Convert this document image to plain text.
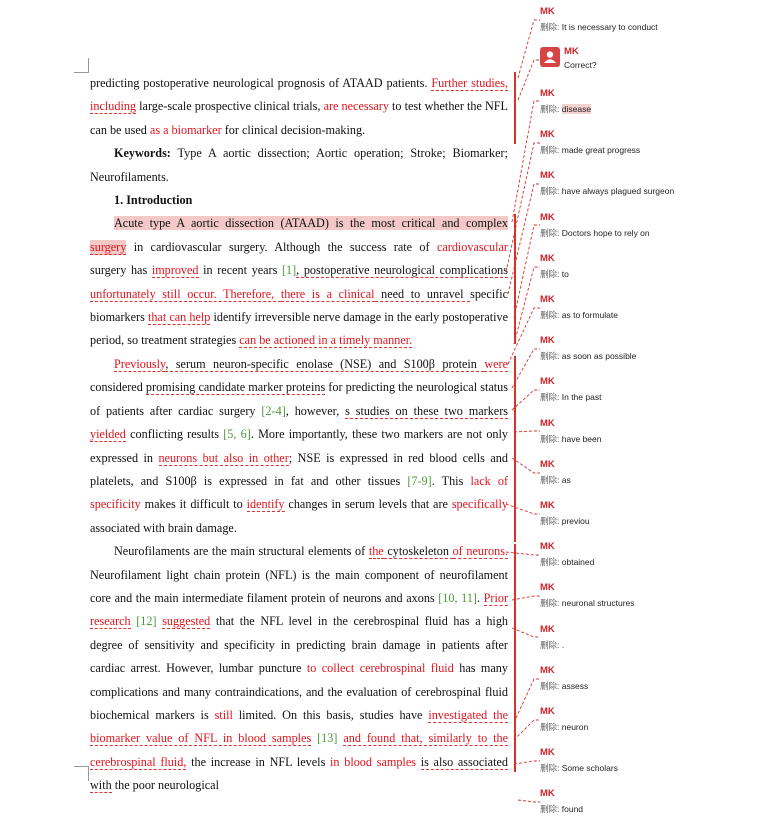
predicting postoperative neurological prognosis of ATAAD patients. Further studies, including large-scale prospective clinical trials, are necessary to test whether the NFL can be used as a biomarker for clinical decision-making.

Keywords: Type A aortic dissection; Aortic operation; Stroke; Biomarker; Neurofilaments.

1. Introduction

Acute type A aortic dissection (ATAAD) is the most critical and complex surgery in cardiovascular surgery. Although the success rate of cardiovascular surgery has improved in recent years [1], postoperative neurological complications unfortunately still occur. Therefore, there is a clinical need to unravel specific biomarkers that can help identify irreversible nerve damage in the early postoperative period, so treatment strategies can be actioned in a timely manner.

Previously, serum neuron-specific enolase (NSE) and S100β protein were considered promising candidate marker proteins for predicting the neurological status of patients after cardiac surgery [2-4], however, s studies on these two markers yielded conflicting results [5, 6]. More importantly, these two markers are not only expressed in neurons but also in other; NSE is expressed in red blood cells and platelets, and S100β is expressed in fat and other tissues [7-9]. This lack of specificity makes it difficult to identify changes in serum levels that are specifically associated with brain damage.

Neurofilaments are the main structural elements of the cytoskeleton of neurons. Neurofilament light chain protein (NFL) is the main component of neurofilament core and the main intermediate filament protein of neurons and axons [10, 11]. Prior research [12] suggested that the NFL level in the cerebrospinal fluid has a high degree of sensitivity and specificity in predicting brain damage in patients after cardiac arrest. However, lumbar puncture to collect cerebrospinal fluid has many complications and many contraindications, and the evaluation of cerebrospinal fluid biochemical markers is still limited. On this basis, studies have investigated the biomarker value of NFL in blood samples [13] and found that, similarly to the cerebrospinal fluid, the increase in NFL levels in blood samples is also associated with the poor neurological

MK
删除: It is necessary to conduct
MK
Correct?
MK
删除: disease
MK
删除: made great progress
MK
删除: have always plagued surgeon
MK
删除: Doctors hope to rely on
MK
删除: to
MK
删除: as to formulate
MK
删除: as soon as possible
MK
删除: In the past
MK
删除: have been
MK
删除: as
MK
删除: previou
MK
删除: obtained
MK
删除: neuronal structures
MK
删除: .
MK
删除: assess
MK
删除: neuron
MK
删除: Some scholars
MK
删除: found
